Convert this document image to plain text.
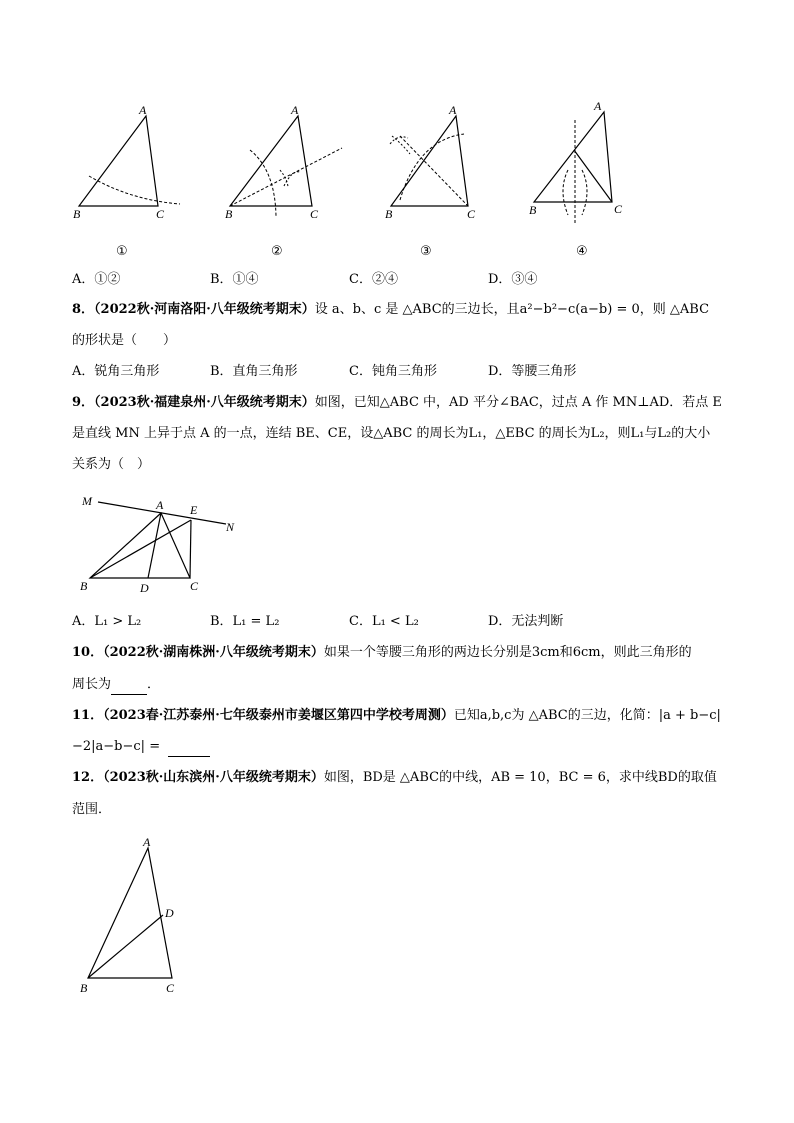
A
B	C
①
A
B	C
②
A
B	C
③
A
B	C
④
A．①②	B．①④	C．②④	D．③④
8．（2022秋·河南洛阳·八年级统考期末）设 a、b、c 是 △ABC的三边长，且a²−b²−c(a−b) = 0，则 △ABC
的形状是（　　）
A．锐角三角形	B．直角三角形	C．钝角三角形	D．等腰三角形
9．（2023秋·福建泉州·八年级统考期末）如图，已知△ABC 中，AD 平分∠BAC，过点 A 作 MN⊥AD．若点 E
是直线 MN 上异于点 A 的一点，连结 BE、CE，设△ABC 的周长为L₁，△EBC 的周长为L₂，则L₁与L₂的大小
关系为（　）
M	A E
N
B	D	C
A．L₁ > L₂	B．L₁ = L₂	C．L₁ < L₂	D．无法判断
10．（2022秋·湖南株洲·八年级统考期末）如果一个等腰三角形的两边长分别是3cm和6cm，则此三角形的
周长为	．
11．（2023春·江苏泰州·七年级泰州市姜堰区第四中学校考周测）已知a,b,c为 △ABC的三边，化简：|a + b−c|
−2|a−b−c| =
12．（2023秋·山东滨州·八年级统考期末）如图，BD是 △ABC的中线，AB = 10，BC = 6，求中线BD的取值
范围．
A
D
B	C
